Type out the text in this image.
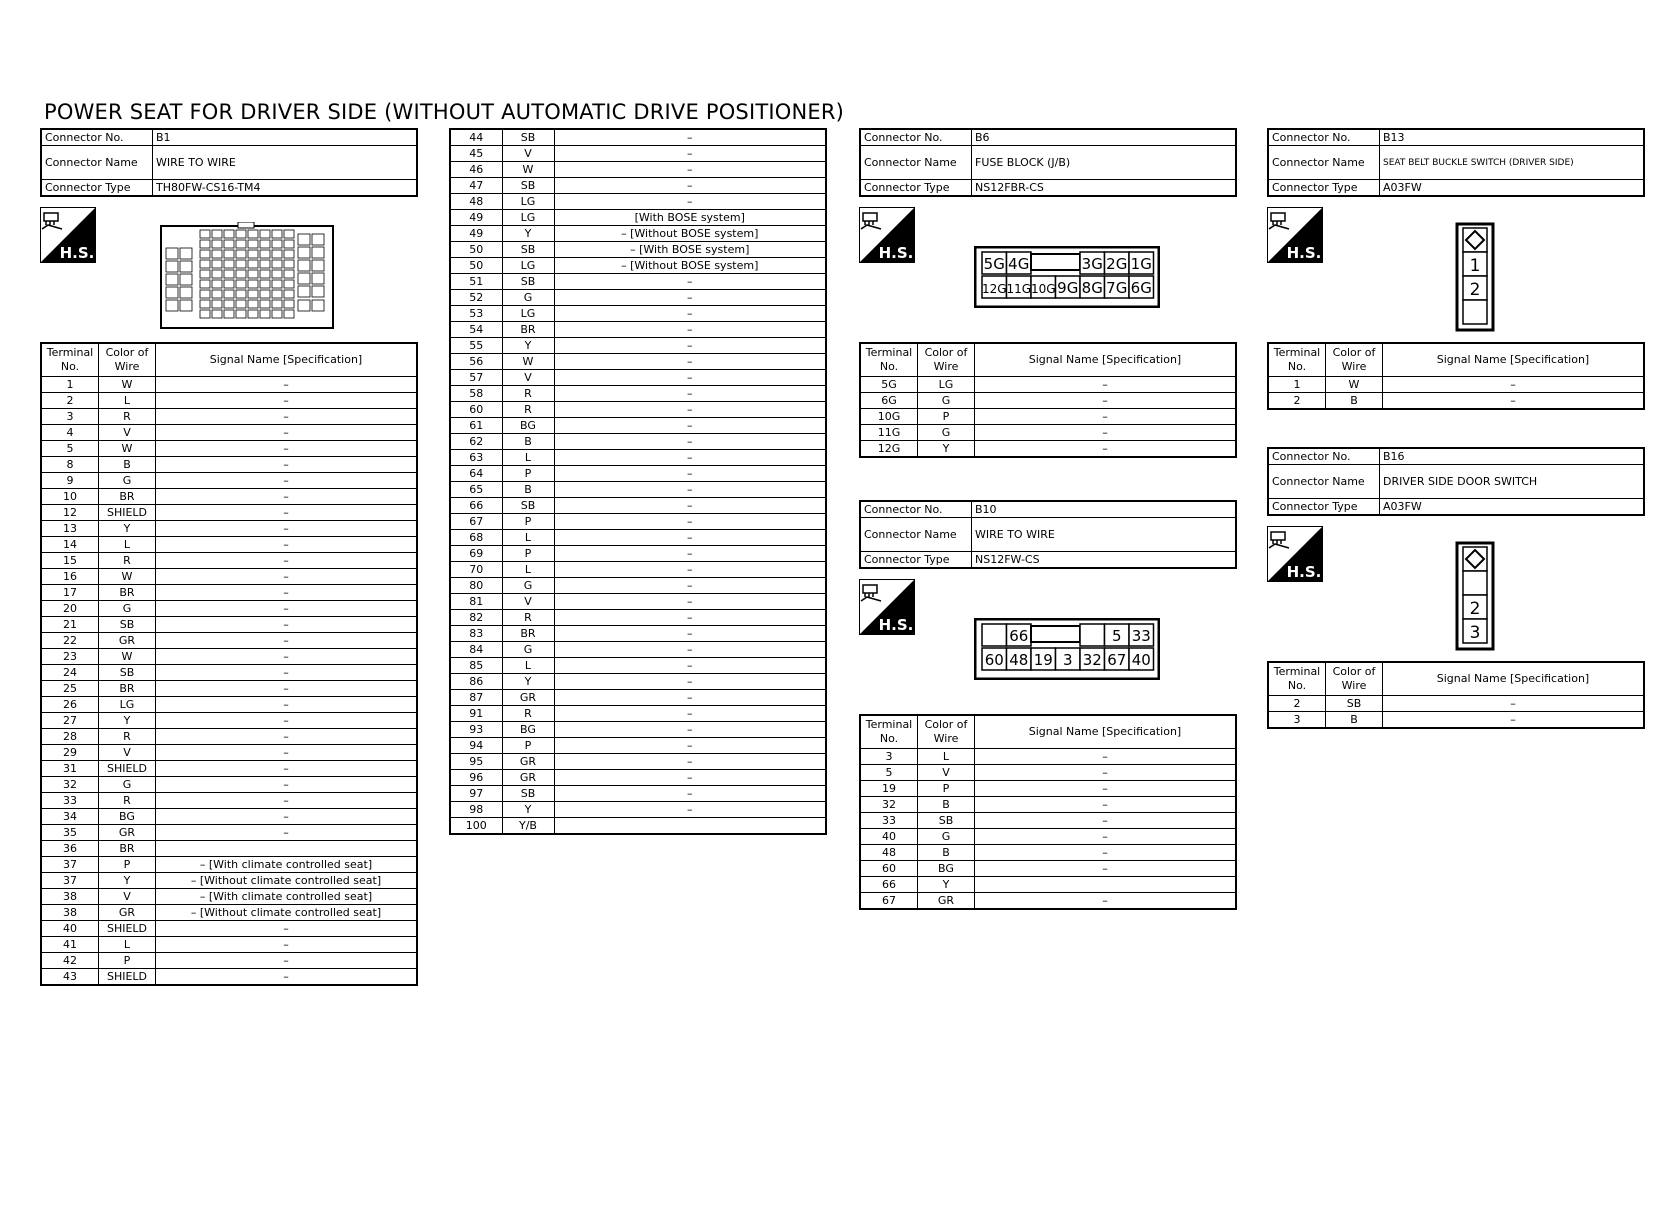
POWER SEAT FOR DRIVER SIDE (WITHOUT AUTOMATIC DRIVE POSITIONER)
Connector No.	B1
Connector Name	WIRE TO WIRE
Connector Type	TH80FW-CS16-TM4
H.S.
Terminal No.	Color of Wire	Signal Name [Specification]
1	W	–
2	L	–
3	R	–
4	V	–
5	W	–
8	B	–
9	G	–
10	BR	–
12	SHIELD	–
13	Y	–
14	L	–
15	R	–
16	W	–
17	BR	–
20	G	–
21	SB	–
22	GR	–
23	W	–
24	SB	–
25	BR	–
26	LG	–
27	Y	–
28	R	–
29	V	–
31	SHIELD	–
32	G	–
33	R	–
34	BG	–
35	GR	–
36	BR	
37	P	– [With climate controlled seat]
37	Y	– [Without climate controlled seat]
38	V	– [With climate controlled seat]
38	GR	– [Without climate controlled seat]
40	SHIELD	–
41	L	–
42	P	–
43	SHIELD	–
44	SB	–
45	V	–
46	W	–
47	SB	–
48	LG	–
49	LG	[With BOSE system]
49	Y	– [Without BOSE system]
50	SB	– [With BOSE system]
50	LG	– [Without BOSE system]
51	SB	–
52	G	–
53	LG	–
54	BR	–
55	Y	–
56	W	–
57	V	–
58	R	–
60	R	–
61	BG	–
62	B	–
63	L	–
64	P	–
65	B	–
66	SB	–
67	P	–
68	L	–
69	P	–
70	L	–
80	G	–
81	V	–
82	R	–
83	BR	–
84	G	–
85	L	–
86	Y	–
87	GR	–
91	R	–
93	BG	–
94	P	–
95	GR	–
96	GR	–
97	SB	–
98	Y	–
100	Y/B	
Connector No.	B6
Connector Name	FUSE BLOCK (J/B)
Connector Type	NS12FBR-CS
H.S.
5G 4G	3G 2G 1G
12G 11G 10G 9G 8G 7G 6G
Terminal No.	Color of Wire	Signal Name [Specification]
5G	LG	–
6G	G	–
10G	P	–
11G	G	–
12G	Y	–
Connector No.	B10
Connector Name	WIRE TO WIRE
Connector Type	NS12FW-CS
H.S.
66	5 33
60 48 19 3 32 67 40
Terminal No.	Color of Wire	Signal Name [Specification]
3	L	–
5	V	–
19	P	–
32	B	–
33	SB	–
40	G	–
48	B	–
60	BG	–
66	Y	
67	GR	–
Connector No.	B13
Connector Name	SEAT BELT BUCKLE SWITCH (DRIVER SIDE)
Connector Type	A03FW
H.S.
1
2
Terminal No.	Color of Wire	Signal Name [Specification]
1	W	–
2	B	–
Connector No.	B16
Connector Name	DRIVER SIDE DOOR SWITCH
Connector Type	A03FW
H.S.
2
3
Terminal No.	Color of Wire	Signal Name [Specification]
2	SB	–
3	B	–
